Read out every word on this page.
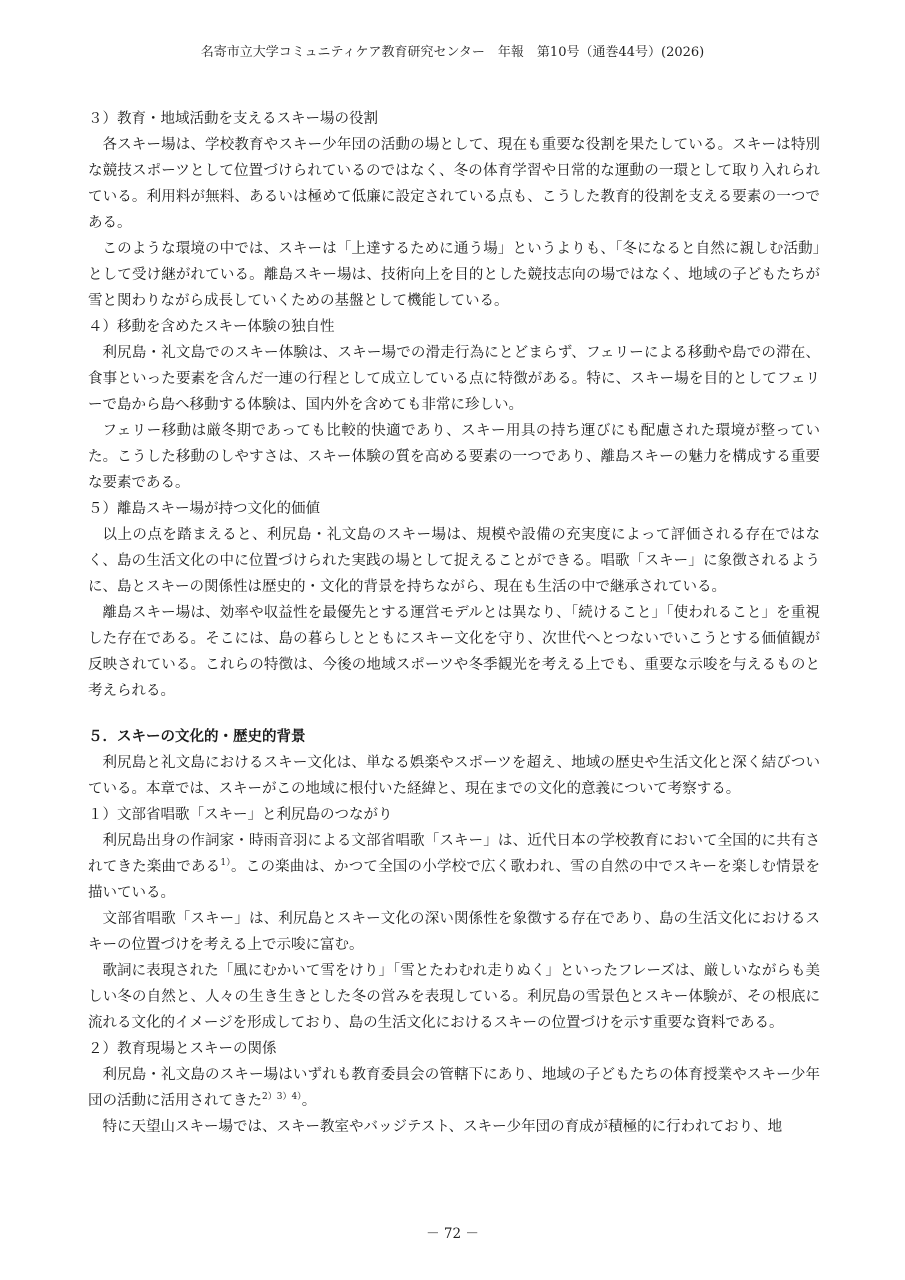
名寄市立大学コミュニティケア教育研究センター　年報　第10号（通巻44号）(2026)

３）教育・地域活動を支えるスキー場の役割

各スキー場は、学校教育やスキー少年団の活動の場として、現在も重要な役割を果たしている。スキーは特別な競技スポーツとして位置づけられているのではなく、冬の体育学習や日常的な運動の一環として取り入れられている。利用料が無料、あるいは極めて低廉に設定されている点も、こうした教育的役割を支える要素の一つである。

このような環境の中では、スキーは「上達するために通う場」というよりも、「冬になると自然に親しむ活動」として受け継がれている。離島スキー場は、技術向上を目的とした競技志向の場ではなく、地域の子どもたちが雪と関わりながら成長していくための基盤として機能している。

４）移動を含めたスキー体験の独自性

利尻島・礼文島でのスキー体験は、スキー場での滑走行為にとどまらず、フェリーによる移動や島での滞在、食事といった要素を含んだ一連の行程として成立している点に特徴がある。特に、スキー場を目的としてフェリーで島から島へ移動する体験は、国内外を含めても非常に珍しい。

フェリー移動は厳冬期であっても比較的快適であり、スキー用具の持ち運びにも配慮された環境が整っていた。こうした移動のしやすさは、スキー体験の質を高める要素の一つであり、離島スキーの魅力を構成する重要な要素である。

５）離島スキー場が持つ文化的価値

以上の点を踏まえると、利尻島・礼文島のスキー場は、規模や設備の充実度によって評価される存在ではなく、島の生活文化の中に位置づけられた実践の場として捉えることができる。唱歌「スキー」に象徴されるように、島とスキーの関係性は歴史的・文化的背景を持ちながら、現在も生活の中で継承されている。

離島スキー場は、効率や収益性を最優先とする運営モデルとは異なり、「続けること」「使われること」を重視した存在である。そこには、島の暮らしとともにスキー文化を守り、次世代へとつないでいこうとする価値観が反映されている。これらの特徴は、今後の地域スポーツや冬季観光を考える上でも、重要な示唆を与えるものと考えられる。

５．スキーの文化的・歴史的背景

利尻島と礼文島におけるスキー文化は、単なる娯楽やスポーツを超え、地域の歴史や生活文化と深く結びついている。本章では、スキーがこの地域に根付いた経緯と、現在までの文化的意義について考察する。

１）文部省唱歌「スキー」と利尻島のつながり

利尻島出身の作詞家・時雨音羽による文部省唱歌「スキー」は、近代日本の学校教育において全国的に共有されてきた楽曲である$^{1)}$。この楽曲は、かつて全国の小学校で広く歌われ、雪の自然の中でスキーを楽しむ情景を描いている。

文部省唱歌「スキー」は、利尻島とスキー文化の深い関係性を象徴する存在であり、島の生活文化におけるスキーの位置づけを考える上で示唆に富む。

歌詞に表現された「風にむかいて雪をけり」「雪とたわむれ走りぬく」といったフレーズは、厳しいながらも美しい冬の自然と、人々の生き生きとした冬の営みを表現している。利尻島の雪景色とスキー体験が、その根底に流れる文化的イメージを形成しており、島の生活文化におけるスキーの位置づけを示す重要な資料である。

２）教育現場とスキーの関係

利尻島・礼文島のスキー場はいずれも教育委員会の管轄下にあり、地域の子どもたちの体育授業やスキー少年団の活動に活用されてきた$^{2)3)4)}$。

特に天望山スキー場では、スキー教室やバッジテスト、スキー少年団の育成が積極的に行われており、地

－ 72 －
